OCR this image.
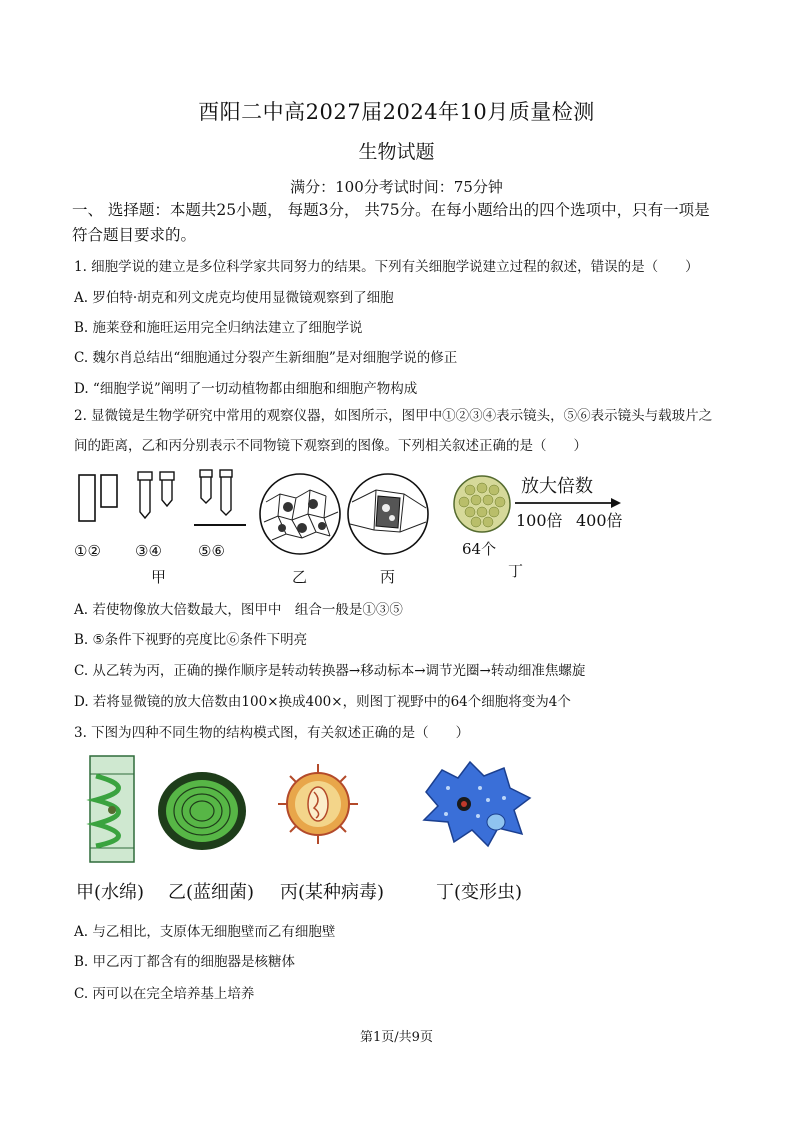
酉阳二中高2027届2024年10月质量检测
生物试题
满分：100分考试时间：75分钟
一、 选择题：本题共25小题， 每题3分， 共75分。在每小题给出的四个选项中，只有一项是符合题目要求的。
1. 细胞学说的建立是多位科学家共同努力的结果。下列有关细胞学说建立过程的叙述，错误的是（　　）
A. 罗伯特·胡克和列文虎克均使用显微镜观察到了细胞
B. 施莱登和施旺运用完全归纳法建立了细胞学说
C. 魏尔肖总结出“细胞通过分裂产生新细胞”是对细胞学说的修正
D. “细胞学说”阐明了一切动植物都由细胞和细胞产物构成
2. 显微镜是生物学研究中常用的观察仪器，如图所示，图甲中①②③④表示镜头，⑤⑥表示镜头与载玻片之间的距离，乙和丙分别表示不同物镜下观察到的图像。下列相关叙述正确的是（　　）
①② ③④ ⑤⑥
甲	乙	丙
64个
放大倍数
100倍 400倍
丁
A. 若使物像放大倍数最大，图甲中　组合一般是①③⑤
B. ⑤条件下视野的亮度比⑥条件下明亮
C. 从乙转为丙，正确的操作顺序是转动转换器→移动标本→调节光圈→转动细准焦螺旋
D. 若将显微镜的放大倍数由100×换成400×，则图丁视野中的64个细胞将变为4个
3. 下图为四种不同生物的结构模式图，有关叙述正确的是（　　）
甲(水绵) 乙(蓝细菌) 丙(某种病毒)	丁(变形虫)
A. 与乙相比，支原体无细胞壁而乙有细胞壁
B. 甲乙丙丁都含有的细胞器是核糖体
C. 丙可以在完全培养基上培养
第1页/共9页
